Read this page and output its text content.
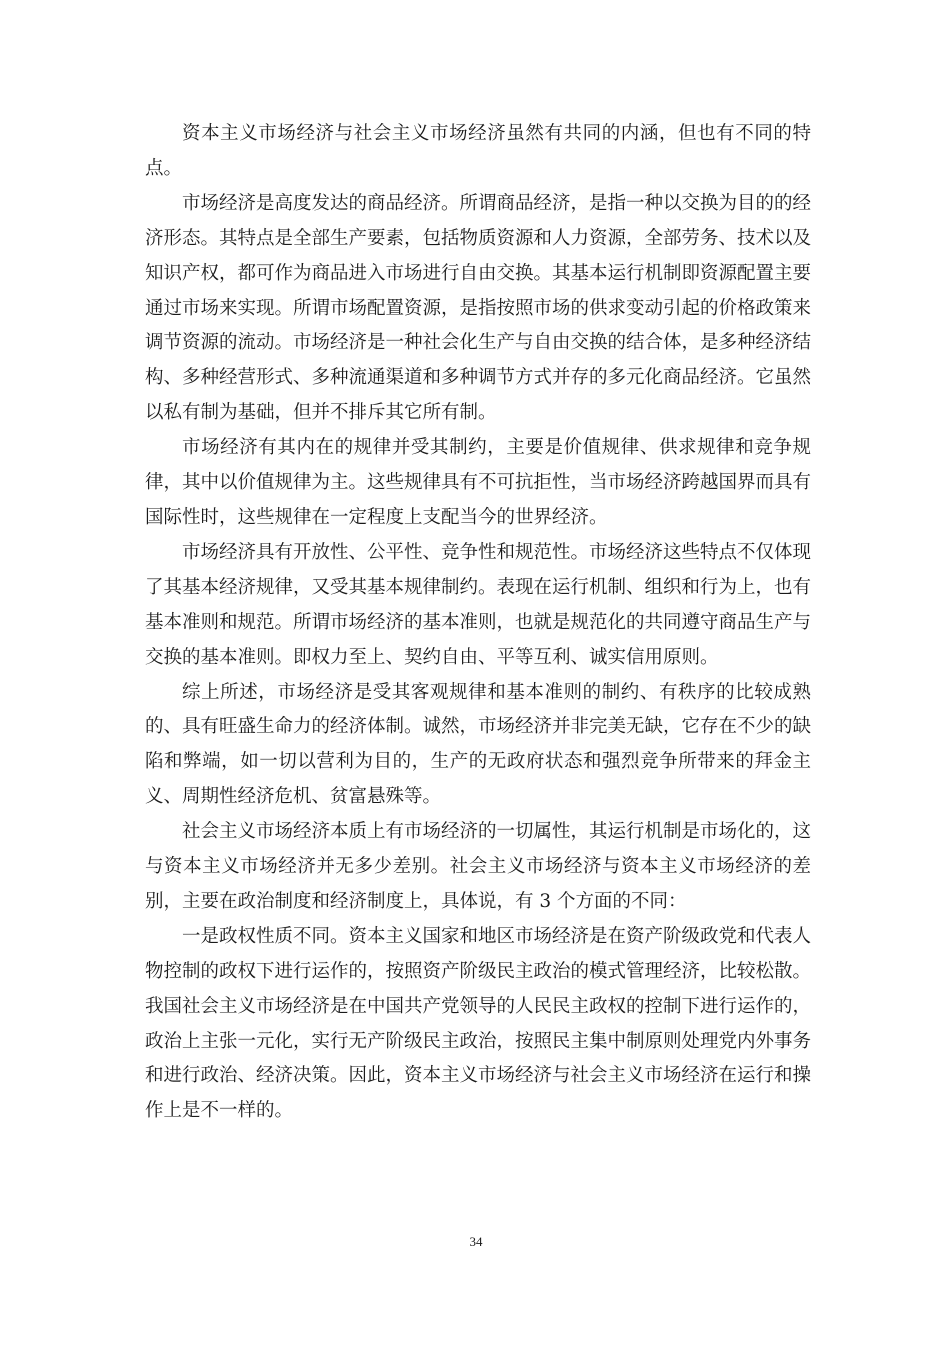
资本主义市场经济与社会主义市场经济虽然有共同的内涵，但也有不同的特点。

市场经济是高度发达的商品经济。所谓商品经济，是指一种以交换为目的的经济形态。其特点是全部生产要素，包括物质资源和人力资源，全部劳务、技术以及知识产权，都可作为商品进入市场进行自由交换。其基本运行机制即资源配置主要通过市场来实现。所谓市场配置资源，是指按照市场的供求变动引起的价格政策来调节资源的流动。市场经济是一种社会化生产与自由交换的结合体，是多种经济结构、多种经营形式、多种流通渠道和多种调节方式并存的多元化商品经济。它虽然以私有制为基础，但并不排斥其它所有制。

市场经济有其内在的规律并受其制约，主要是价值规律、供求规律和竞争规律，其中以价值规律为主。这些规律具有不可抗拒性，当市场经济跨越国界而具有国际性时，这些规律在一定程度上支配当今的世界经济。

市场经济具有开放性、公平性、竞争性和规范性。市场经济这些特点不仅体现了其基本经济规律，又受其基本规律制约。表现在运行机制、组织和行为上，也有基本准则和规范。所谓市场经济的基本准则，也就是规范化的共同遵守商品生产与交换的基本准则。即权力至上、契约自由、平等互利、诚实信用原则。

综上所述，市场经济是受其客观规律和基本准则的制约、有秩序的比较成熟的、具有旺盛生命力的经济体制。诚然，市场经济并非完美无缺，它存在不少的缺陷和弊端，如一切以营利为目的，生产的无政府状态和强烈竞争所带来的拜金主义、周期性经济危机、贫富悬殊等。

社会主义市场经济本质上有市场经济的一切属性，其运行机制是市场化的，这与资本主义市场经济并无多少差别。社会主义市场经济与资本主义市场经济的差别，主要在政治制度和经济制度上，具体说，有 3 个方面的不同：

一是政权性质不同。资本主义国家和地区市场经济是在资产阶级政党和代表人物控制的政权下进行运作的，按照资产阶级民主政治的模式管理经济，比较松散。我国社会主义市场经济是在中国共产党领导的人民民主政权的控制下进行运作的，政治上主张一元化，实行无产阶级民主政治，按照民主集中制原则处理党内外事务和进行政治、经济决策。因此，资本主义市场经济与社会主义市场经济在运行和操作上是不一样的。

34
